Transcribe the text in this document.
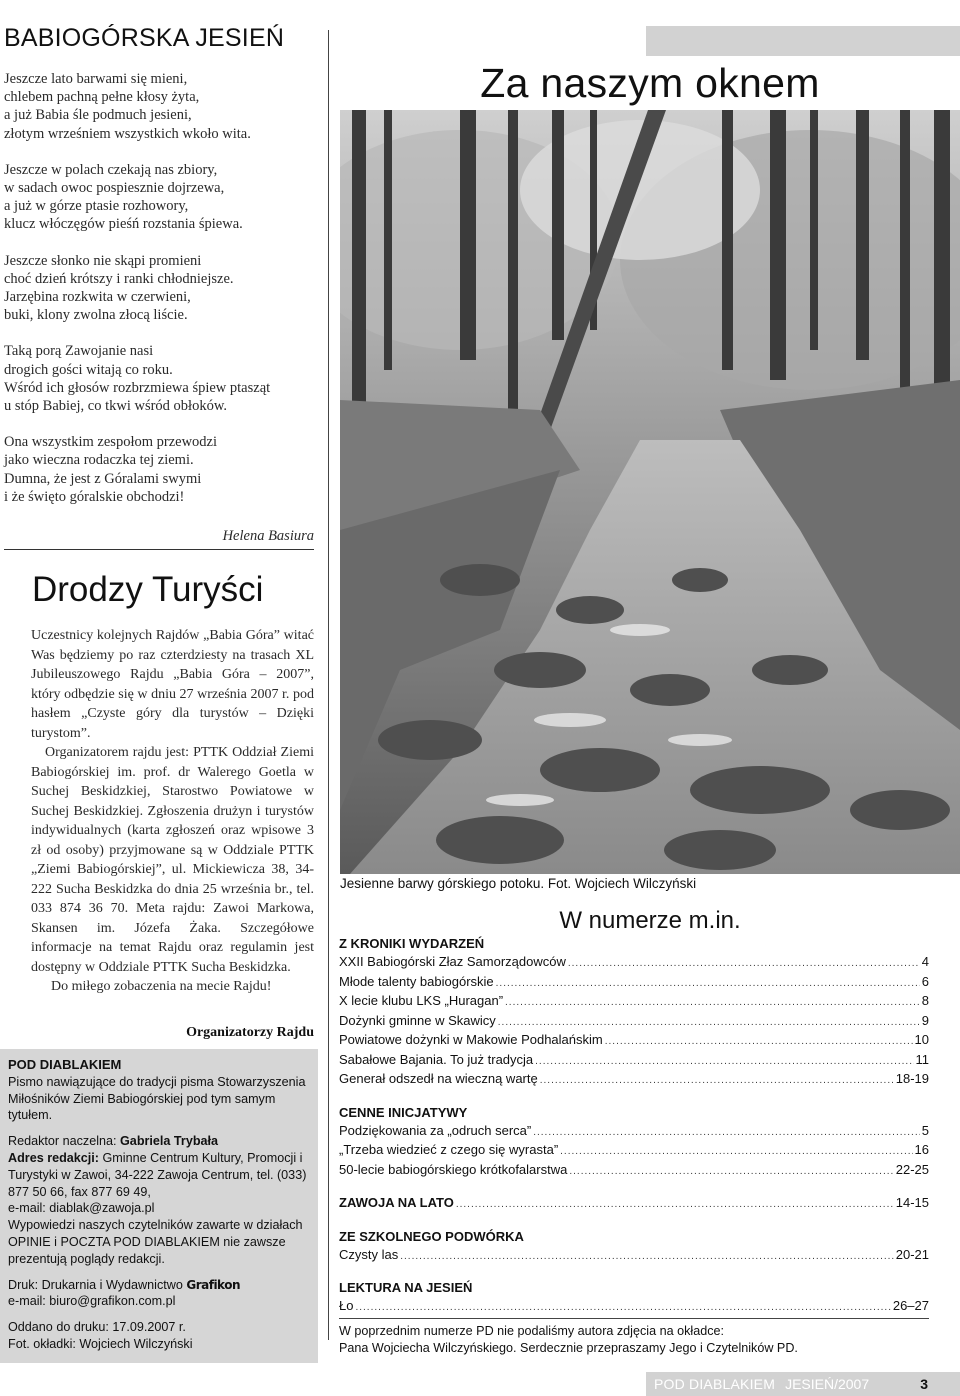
BABIOGÓRSKA JESIEŃ
Jeszcze lato barwami się mieni,
chlebem pachną pełne kłosy żyta,
a już Babia śle podmuch jesieni,
złotym wrześniem wszystkich wkoło wita.
Jeszcze w polach czekają nas zbiory,
w sadach owoc pospiesznie dojrzewa,
a już w górze ptasie rozhowory,
klucz włóczęgów pieśń rozstania śpiewa.
Jeszcze słonko nie skąpi promieni
choć dzień krótszy i ranki chłodniejsze.
Jarzębina rozkwita w czerwieni,
buki, klony zwolna złocą liście.
Taką porą Zawojanie nasi
drogich gości witają co roku.
Wśród ich głosów rozbrzmiewa śpiew ptasząt
u stóp Babiej, co tkwi wśród obłoków.
Ona wszystkim zespołom przewodzi
jako wieczna rodaczka tej ziemi.
Dumna, że jest z Góralami swymi
i że święto góralskie obchodzi!
Helena Basiura
Drodzy Turyści

Uczestnicy kolejnych Rajdów „Babia Góra” witać Was będziemy po raz czterdziesty na trasach XL Jubileuszowego Rajdu „Babia Góra – 2007”, który odbędzie się w dniu 27 września 2007 r. pod hasłem „Czyste góry dla turystów – Dzięki turystom”.

Organizatorem rajdu jest: PTTK Oddział Ziemi Babiogórskiej im. prof. dr Walerego Goetla w Suchej Beskidzkiej, Starostwo Powiatowe w Suchej Beskidzkiej. Zgłoszenia drużyn i turystów indywidualnych (karta zgłoszeń oraz wpisowe 3 zł od osoby) przyjmowane są w Oddziale PTTK „Ziemi Babiogórskiej”, ul. Mickiewicza 38, 34-222 Sucha Beskidzka do dnia 25 września br., tel. 033 874 36 70. Meta rajdu: Zawoi Markowa, Skansen im. Józefa Żaka. Szczegółowe informacje na temat Rajdu oraz regulamin jest dostępny w Oddziale PTTK Sucha Beskidzka.

Do miłego zobaczenia na mecie Rajdu!

Organizatorzy Rajdu
POD DIABLAKIEM
Pismo nawiązujące do tradycji pisma Stowarzyszenia Miłośników Ziemi Babiogórskiej pod tym samym tytułem.
Redaktor naczelna: Gabriela Trybała
Adres redakcji: Gminne Centrum Kultury, Promocji i Turystyki w Zawoi, 34-222 Zawoja Centrum, tel. (033) 877 50 66, fax 877 69 49,
e-mail: diablak@zawoja.pl
Wypowiedzi naszych czytelników zawarte w działach OPINIE i POCZTA POD DIABLAKIEM nie zawsze prezentują poglądy redakcji.
Druk: Drukarnia i Wydawnictwo Grafikon
e-mail: biuro@grafikon.com.pl
Oddano do druku: 17.09.2007 r.
Fot. okładki: Wojciech Wilczyński
Za naszym oknem
Jesienne barwy górskiego potoku. Fot. Wojciech Wilczyński
W numerze m.in.
Z KRONIKI WYDARZEŃ
XXII Babiogórski Złaz Samorządowców .....	4
Młode talenty babiogórskie .....	6
X lecie klubu LKS „Huragan” .....	8
Dożynki gminne w Skawicy .....	9
Powiatowe dożynki w Makowie Podhalańskim .....	10
Sabałowe Bajania. To już tradycja .....	11
Generał odszedł na wieczną wartę .....	18-19
CENNE INICJATYWY
Podziękowania za „odruch serca” .....	5
„Trzeba wiedzieć z czego się wyrasta” .....	16
50-lecie babiogórskiego krótkofalarstwa .....	22-25
ZAWOJA NA LATO .....	14-15
ZE SZKOLNEGO PODWÓRKA
Czysty las .....	20-21
LEKTURA NA JESIEŃ
Ło .....	26–27
W poprzednim numerze PD nie podaliśmy autora zdjęcia na okładce:
Pana Wojciecha Wilczyńskiego. Serdecznie przepraszamy Jego i Czytelników PD.
POD DIABLAKIEM JESIEŃ/2007	3
